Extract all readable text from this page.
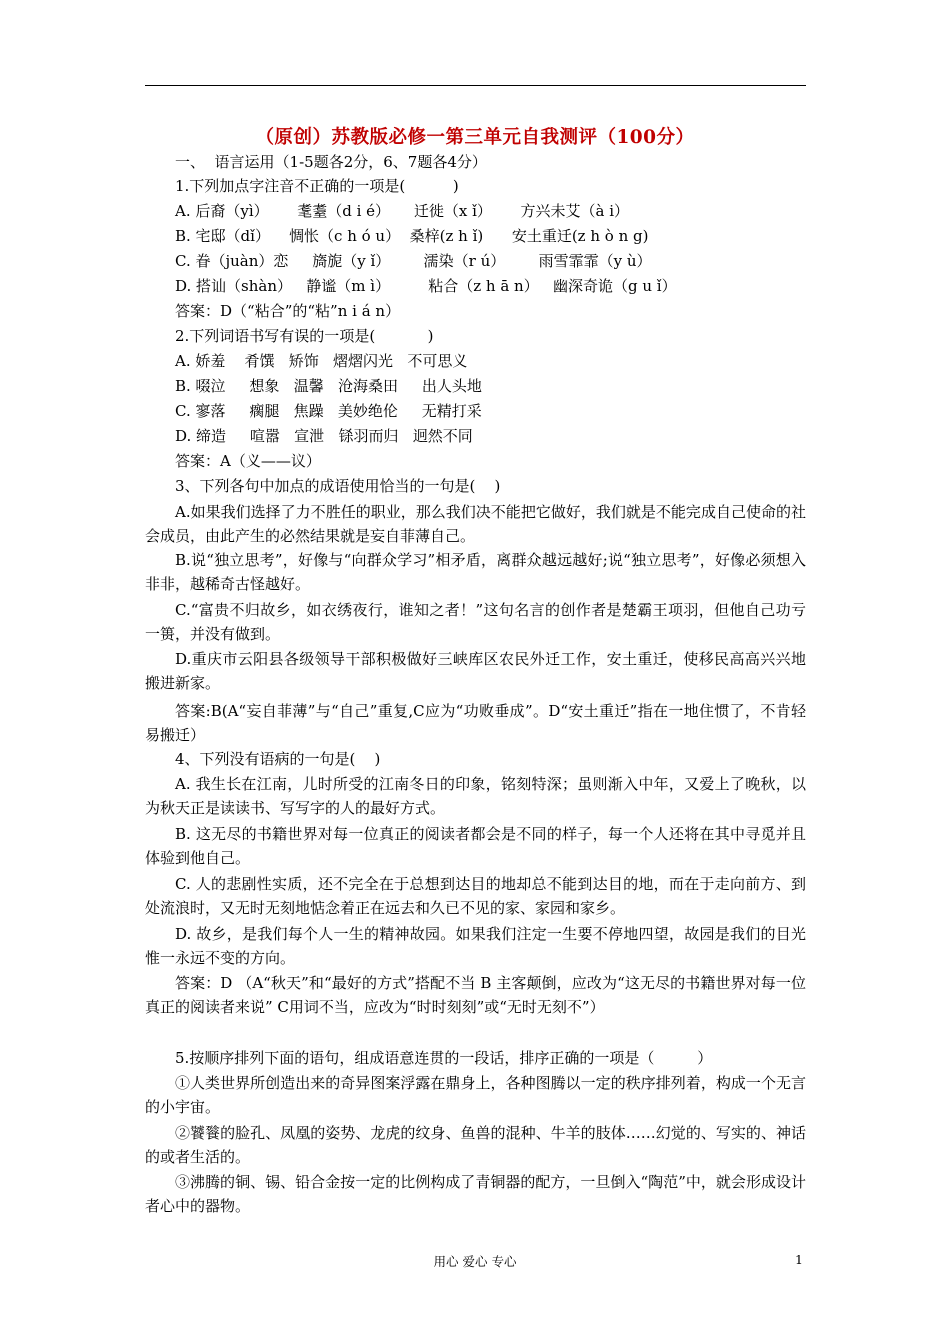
（原创）苏教版必修一第三单元自我测评（100分）
一、  语言运用（1-5题各2分，6、7题各4分）
1.下列加点字注音不正确的一项是(          )
A. 后裔（yì）      耄耋（d i é）     迁徙（x ǐ）      方兴未艾（à i）
B. 宅邸（dǐ）    惆怅（c h ó u）  桑梓(z h ǐ)      安土重迁(z h ò n g)
C. 眷（juàn）恋     旖旎（y ǐ）       濡染（r ú）       雨雪霏霏（y ù）
D. 搭讪（shàn）   静谧（m ì）        粘合（z h ā n）   幽深奇诡（g u ǐ）
答案：D（“粘合”的“粘”n i á n）
2.下列词语书写有误的一项是(           )
A. 娇羞    肴馔   矫饰   熠熠闪光   不可思义
B. 啜泣     想象   温馨   沧海桑田     出人头地
C. 寥落     瘸腿   焦躁   美妙绝伦     无精打采
D. 缔造     喧嚣   宣泄   铩羽而归   迥然不同
答案：A（义——议）
3、下列各句中加点的成语使用恰当的一句是(    )
A.如果我们选择了力不胜任的职业，那么我们决不能把它做好，我们就是不能完成自己使命的社会成员，由此产生的必然结果就是妄自菲薄自己。
B.说“独立思考”，好像与“向群众学习”相矛盾，离群众越远越好;说“独立思考”，好像必须想入非非，越稀奇古怪越好。
C.“富贵不归故乡，如衣绣夜行，谁知之者！”这句名言的创作者是楚霸王项羽，但他自己功亏一篑，并没有做到。
D.重庆市云阳县各级领导干部积极做好三峡库区农民外迁工作，安土重迁，使移民高高兴兴地搬进新家。
答案:B(A“妄自菲薄”与“自己”重复,C应为“功败垂成”。D“安土重迁”指在一地住惯了，不肯轻易搬迁）
4、下列没有语病的一句是(    )
A. 我生长在江南，儿时所受的江南冬日的印象，铭刻特深；虽则渐入中年，又爱上了晚秋，以为秋天正是读读书、写写字的人的最好方式。
B. 这无尽的书籍世界对每一位真正的阅读者都会是不同的样子，每一个人还将在其中寻觅并且体验到他自己。
C. 人的悲剧性实质，还不完全在于总想到达目的地却总不能到达目的地，而在于走向前方、到处流浪时，又无时无刻地惦念着正在远去和久已不见的家、家园和家乡。
D. 故乡，是我们每个人一生的精神故园。如果我们注定一生要不停地四望，故园是我们的目光惟一永远不变的方向。
答案：D （A“秋天”和“最好的方式”搭配不当 B 主客颠倒，应改为“这无尽的书籍世界对每一位真正的阅读者来说” C用词不当，应改为“时时刻刻”或“无时无刻不”）
5.按顺序排列下面的语句，组成语意连贯的一段话，排序正确的一项是（         ）
①人类世界所创造出来的奇异图案浮露在鼎身上，各种图腾以一定的秩序排列着，构成一个无言的小宇宙。
②饕餮的脸孔、凤凰的姿势、龙虎的纹身、鱼兽的混种、牛羊的肢体……幻觉的、写实的、神话的或者生活的。
③沸腾的铜、锡、铅合金按一定的比例构成了青铜器的配方，一旦倒入“陶范”中，就会形成设计者心中的器物。
用心 爱心 专心	1
